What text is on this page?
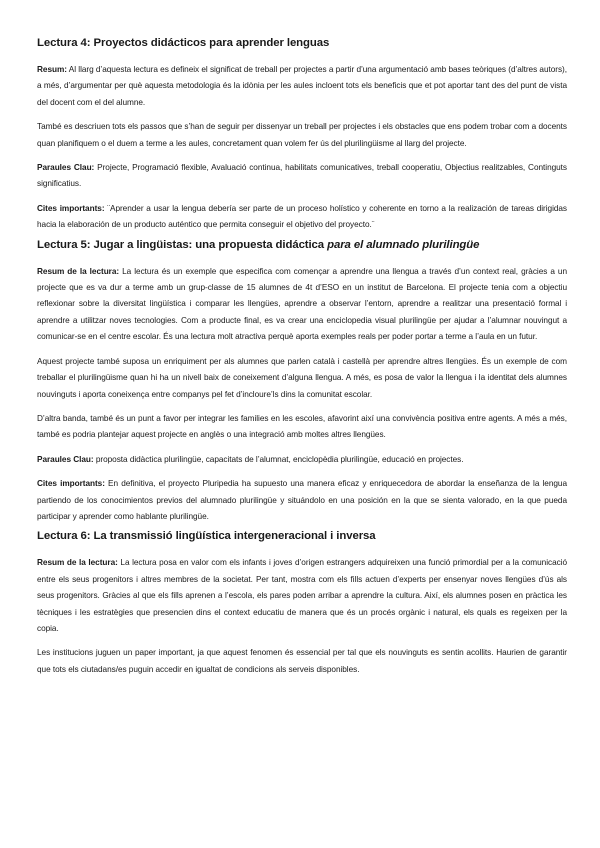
Lectura 4: Proyectos didácticos para aprender lenguas

Resum: Al llarg d’aquesta lectura es defineix el significat de treball per projectes a partir d’una argumentació amb bases teòriques (d’altres autors), a més, d’argumentar per què aquesta metodologia és la idònia per les aules incloent tots els beneficis que et pot aportar tant des del punt de vista del docent com el del alumne.

També es descriuen tots els passos que s’han de seguir per dissenyar un treball per projectes i els obstacles que ens podem trobar com a docents quan planifiquem o el duem a terme a les aules, concretament quan volem fer ús del plurilingüisme al llarg del projecte.

Paraules Clau: Projecte, Programació flexible, Avaluació continua, habilitats comunicatives, treball cooperatiu, Objectius realitzables, Continguts significatius.

Cites importants: ¨Aprender a usar la lengua debería ser parte de un proceso holístico y coherente en torno a la realización de tareas dirigidas hacia la elaboración de un producto auténtico que permita conseguir el objetivo del proyecto.¨

Lectura 5: Jugar a lingüistas: una propuesta didáctica para el alumnado plurilingüe

Resum de la lectura: La lectura és un exemple que especifica com començar a aprendre una llengua a través d’un context real, gràcies a un projecte que es va dur a terme amb un grup-classe de 15 alumnes de 4t d’ESO en un institut de Barcelona. El projecte tenia com a objectiu reflexionar sobre la diversitat lingüística i comparar les llengües, aprendre a observar l’entorn, aprendre a realitzar una presentació formal i aprendre a utilitzar noves tecnologies. Com a producte final, es va crear una enciclopedia visual plurilingüe per ajudar a l’alumnar nouvingut a comunicar-se en el centre escolar. És una lectura molt atractiva perquè aporta exemples reals per poder portar a terme a l’aula en un futur.

Aquest projecte també suposa un enriquiment per als alumnes que parlen català i castellà per aprendre altres llengües. És un exemple de com treballar el plurilingüisme quan hi ha un nivell baix de coneixement d’alguna llengua. A més, es posa de valor la llengua i la identitat dels alumnes nouvinguts i aporta coneixença entre companys pel fet d’incloure’ls dins la comunitat escolar.

D’altra banda, també és un punt a favor per integrar les families en les escoles, afavorint així una convivència positiva entre agents. A més a més, també es podria plantejar aquest projecte en anglès o una integració amb moltes altres llengües.

Paraules Clau: proposta didàctica plurilingüe, capacitats de l’alumnat, enciclopèdia plurilingüe, educació en projectes.

Cites importants: En definitiva, el proyecto Pluripedia ha supuesto una manera eficaz y enriquecedora de abordar la enseñanza de la lengua partiendo de los conocimientos previos del alumnado plurilingüe y situándolo en una posición en la que se sienta valorado, en la que pueda participar y aprender como hablante plurilingüe.

Lectura 6: La transmissió lingüística intergeneracional i inversa

Resum de la lectura: La lectura posa en valor com els infants i joves d’origen estrangers adquireixen una funció primordial per a la comunicació entre els seus progenitors i altres membres de la societat. Per tant, mostra com els fills actuen d’experts per ensenyar noves llengües d’ús als seus progenitors. Gràcies al que els fills aprenen a l’escola, els pares poden arribar a aprendre la cultura. Així, els alumnes posen en pràctica les tècniques i les estratègies que presencien dins el context educatiu de manera que és un procés orgànic i natural, els quals es regeixen per la copia.

Les institucions juguen un paper important, ja que aquest fenomen és essencial per tal que els nouvinguts es sentin acollits. Haurien de garantir que tots els ciutadans/es puguin accedir en igualtat de condicions als serveis disponibles.
